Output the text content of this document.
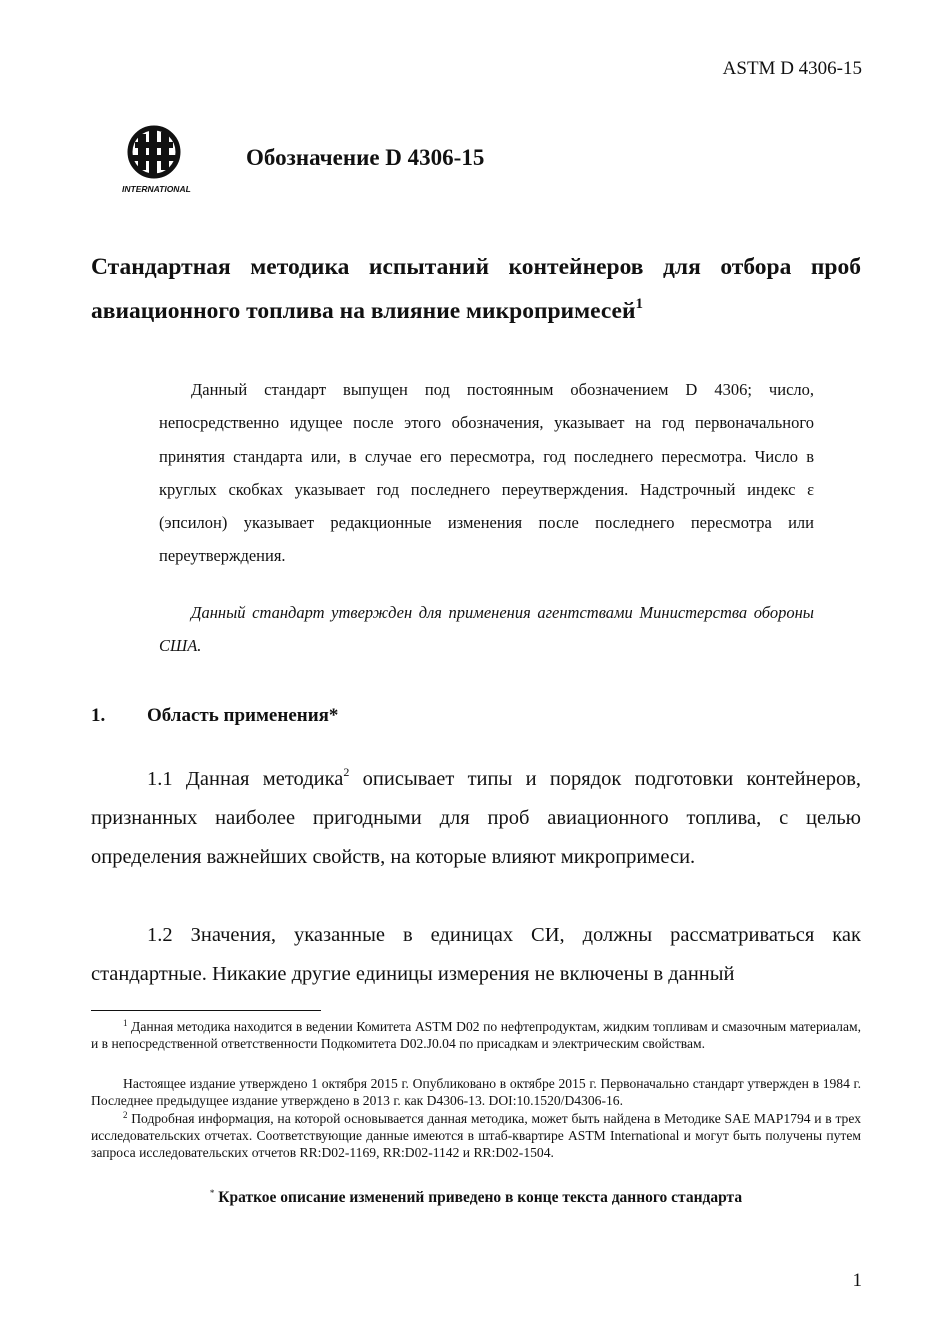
ASTM D 4306-15
INTERNATIONAL
Обозначение D 4306-15
Стандартная методика испытаний контейнеров для отбора проб
авиационного топлива на влияние микропримесей$^1$
Данный стандарт выпущен под постоянным обозначением D 4306; число, непосредственно идущее после этого обозначения, указывает на год первоначального принятия стандарта или, в случае его пересмотра, год последнего пересмотра. Число в круглых скобках указывает год последнего переутверждения. Надстрочный индекс ε (эпсилон) указывает редакционные изменения после последнего пересмотра или переутверждения.
Данный стандарт утвержден для применения агентствами Министерства обороны США.
1. Область применения*
1.1 Данная методика$^2$ описывает типы и порядок подготовки контейнеров, признанных наиболее пригодными для проб авиационного топлива, с целью определения важнейших свойств, на которые влияют микропримеси.
1.2 Значения, указанные в единицах СИ, должны рассматриваться как стандартные. Никакие другие единицы измерения не включены в данный
$^1$ Данная методика находится в ведении Комитета ASTM D02 по нефтепродуктам, жидким топливам и смазочным материалам, и в непосредственной ответственности Подкомитета D02.J0.04 по присадкам и электрическим свойствам.
Настоящее издание утверждено 1 октября 2015 г. Опубликовано в октябре 2015 г. Первоначально стандарт утвержден в 1984 г. Последнее предыдущее издание утверждено в 2013 г. как D4306-13. DOI:10.1520/D4306-16.
$^2$ Подробная информация, на которой основывается данная методика, может быть найдена в Методике SAE MAP1794 и в трех исследовательских отчетах. Соответствующие данные имеются в штаб-квартире ASTM International и могут быть получены путем запроса исследовательских отчетов RR:D02-1169, RR:D02-1142 и RR:D02-1504.
* Краткое описание изменений приведено в конце текста данного стандарта
1
